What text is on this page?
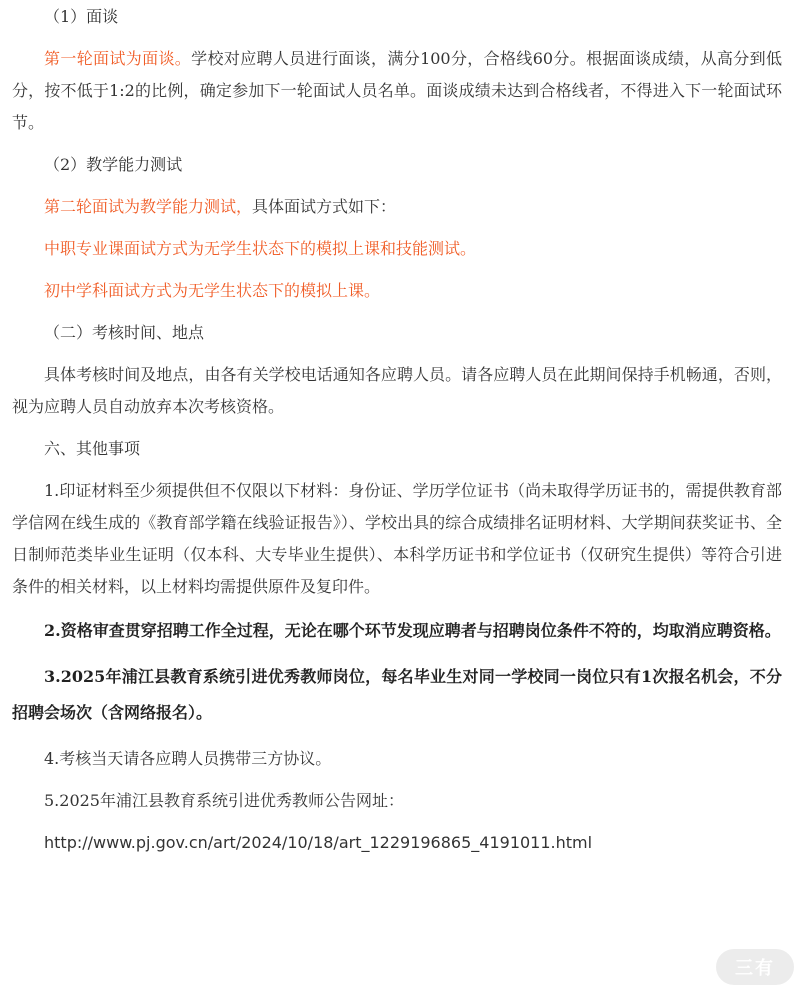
（1）面谈

第一轮面试为面谈。学校对应聘人员进行面谈，满分100分，合格线60分。根据面谈成绩，从高分到低分，按不低于1:2的比例，确定参加下一轮面试人员名单。面谈成绩未达到合格线者，不得进入下一轮面试环节。

（2）教学能力测试

第二轮面试为教学能力测试，具体面试方式如下：

中职专业课面试方式为无学生状态下的模拟上课和技能测试。

初中学科面试方式为无学生状态下的模拟上课。

（二）考核时间、地点

具体考核时间及地点，由各有关学校电话通知各应聘人员。请各应聘人员在此期间保持手机畅通，否则，视为应聘人员自动放弃本次考核资格。

六、其他事项

1.印证材料至少须提供但不仅限以下材料：身份证、学历学位证书（尚未取得学历证书的，需提供教育部学信网在线生成的《教育部学籍在线验证报告》）、学校出具的综合成绩排名证明材料、大学期间获奖证书、全日制师范类毕业生证明（仅本科、大专毕业生提供）、本科学历证书和学位证书（仅研究生提供）等符合引进条件的相关材料，以上材料均需提供原件及复印件。

2.资格审查贯穿招聘工作全过程，无论在哪个环节发现应聘者与招聘岗位条件不符的，均取消应聘资格。

3.2025年浦江县教育系统引进优秀教师岗位，每名毕业生对同一学校同一岗位只有1次报名机会，不分招聘会场次（含网络报名）。

4.考核当天请各应聘人员携带三方协议。

5.2025年浦江县教育系统引进优秀教师公告网址：

http://www.pj.gov.cn/art/2024/10/18/art_1229196865_4191011.html

三有
